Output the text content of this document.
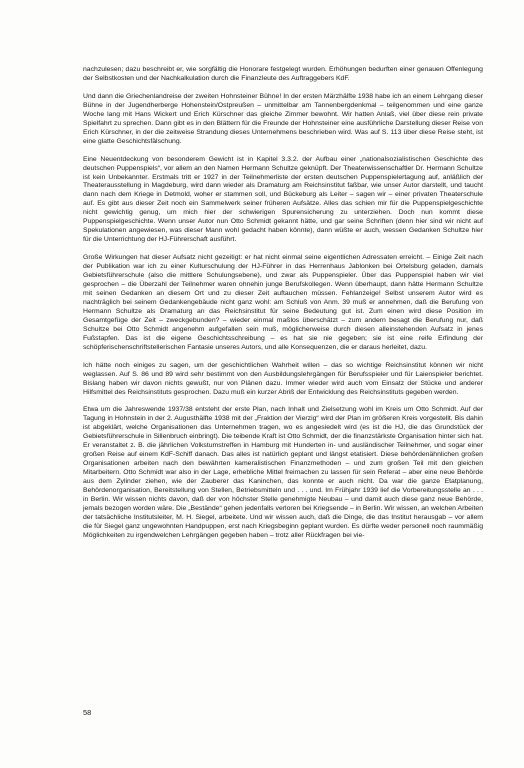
nachzulesen; dazu beschreibt er, wie sorgfältig die Honorare festgelegt wurden. Erhöhungen bedurften einer genauen Offenlegung der Selbstkosten und der Nachkalkulation durch die Finanzleute des Auftraggebers KdF.

Und dann die Griechenlandreise der zweiten Hohnsteiner Bühne! In der ersten Märzhälfte 1938 habe ich an einem Lehrgang dieser Bühne in der Jugendherberge Hohenstein/Ostpreußen – unmittelbar am Tannenbergdenkmal – teilgenommen und eine ganze Woche lang mit Hans Wickert und Erich Kürschner das gleiche Zimmer bewohnt. Wir hatten Anlaß, viel über diese rein private Spielfahrt zu sprechen. Dann gibt es in den Blättern für die Freunde der Hohnsteiner eine ausführliche Darstellung dieser Reise von Erich Kürschner, in der die zeitweise Strandung dieses Unternehmens beschrieben wird. Was auf S. 113 über diese Reise steht, ist eine glatte Geschichtsfälschung.

Eine Neuentdeckung von besonderem Gewicht ist in Kapitel 3.3.2. der Aufbau einer „nationalsozialistischen Geschichte des deutschen Puppenspiels“, vor allem an den Namen Hermann Schultze geknüpft. Der Theaterwissenschaftler Dr. Hermann Schultze ist kein Unbekannter. Erstmals tritt er 1927 in der Teilnehmerliste der ersten deutschen Puppenspielertagung auf, anläßlich der Theaterausstellung in Magdeburg, wird dann wieder als Dramaturg am Reichsinstitut faßbar, wie unser Autor darstellt, und taucht dann nach dem Kriege in Detmold, woher er stammen soll, und Bückeburg als Leiter – sagen wir – einer privaten Theaterschule auf. Es gibt aus dieser Zeit noch ein Sammelwerk seiner früheren Aufsätze. Alles das schien mir für die Puppenspielgeschichte nicht gewichtig genug, um mich hier der schwierigen Spurensicherung zu unterziehen. Doch nun kommt diese Puppenspielgeschichte. Wenn unser Autor nun Otto Schmidt gekannt hätte, und gar seine Schriften (denn hier sind wir nicht auf Spekulationen angewiesen, was dieser Mann wohl gedacht haben könnte), dann wüßte er auch, wessen Gedanken Schultze hier für die Unterrichtung der HJ-Führerschaft ausführt.

Große Wirkungen hat dieser Aufsatz nicht gezeitigt: er hat nicht einmal seine eigentlichen Adressaten erreicht. – Einige Zeit nach der Publikation war ich zu einer Kulturschulung der HJ-Führer in das Herrenhaus Jablonken bei Ortelsburg geladen, damals Gebietsführerschule (also die mittlere Schulungsebene), und zwar als Puppenspieler. Über das Puppenspiel haben wir viel gesprochen – die Überzahl der Teilnehmer waren ohnehin junge Berufskollegen. Wenn überhaupt, dann hätte Hermann Schultze mit seinen Gedanken an diesem Ort und zu dieser Zeit auftauchen müssen. Fehlanzeige! Selbst unserem Autor wird es nachträglich bei seinem Gedankengebäude nicht ganz wohl: am Schluß von Anm. 39 muß er annehmen, daß die Berufung von Hermann Schultze als Dramaturg an das Reichsinstitut für seine Bedeutung gut ist. Zum einen wird diese Position im Gesamtgefüge der Zeit – zweckgebunden? – wieder einmal maßlos überschätzt – zum andern besagt die Berufung nur, daß Schultze bei Otto Schmidt angenehm aufgefallen sein muß, möglicherweise durch diesen alleinstehenden Aufsatz in jenes Fußstapfen. Das ist die eigene Geschichtsschreibung – es hat sie nie gegeben; sie ist eine reife Erfindung der schöpferischenschriftstellerischen Fantasie unseres Autors, und alle Konsequenzen, die er daraus herleitet, dazu.

Ich hätte noch einiges zu sagen, um der geschichtlichen Wahrheit willen – das so wichtige Reichsinstitut können wir nicht weglassen. Auf S. 86 und 89 wird sehr bestimmt von den Ausbildungslehrgängen für Berufsspieler und für Laienspieler berichtet. Bislang haben wir davon nichts gewußt, nur von Plänen dazu. Immer wieder wird auch vom Einsatz der Stücke und anderer Hilfsmittel des Reichsinstituts gesprochen. Dazu muß ein kurzer Abriß der Entwicklung des Reichsinstituts gegeben werden.

Etwa um die Jahreswende 1937/38 entsteht der erste Plan, nach Inhalt und Zielsetzung wohl im Kreis um Otto Schmidt. Auf der Tagung in Hohnstein in der 2. Augusthälfte 1938 mit der „Fraktion der Vierzig“ wird der Plan im größeren Kreis vorgestellt. Bis dahin ist abgeklärt, welche Organisationen das Unternehmen tragen, wo es angesiedelt wird (es ist die HJ, die das Grundstück der Gebietsführerschule in Sillenbruch einbringt). Die teibende Kraft ist Otto Schmidt, der die finanzstärkste Organisation hinter sich hat. Er veranstaltet z. B. die jährlichen Volkstumstreffen in Hamburg mit Hunderten in- und ausländischer Teilnehmer, und sogar einer großen Reise auf einem KdF-Schiff danach. Das alles ist natürlich geplant und längst etatisiert. Diese behördenähnlichen großen Organisationen arbeiten nach den bewährten kameralistischen Finanzmethoden – und zum großen Teil mit den gleichen Mitarbeitern. Otto Schmidt war also in der Lage, erhebliche Mittel freimachen zu lassen für sein Referat – aber eine neue Behörde aus dem Zylinder ziehen, wie der Zauberer das Kaninchen, das konnte er auch nicht. Da war die ganze Etatplanung, Behördenorganisation, Bereitstellung von Stellen, Betriebsmitteln und . . . und. Im Frühjahr 1939 lief die Vorbereitungsstelle an . . . in Berlin. Wir wissen nichts davon, daß der von höchster Stelle genehmigte Neubau – und damit auch diese ganz neue Behörde, jemals bezogen worden wäre. Die „Bestände“ gehen jedenfalls verloren bei Kriegsende – in Berlin. Wir wissen, an welchen Arbeiten der tatsächliche Institutsleiter, M. H. Siegel, arbeitete. Und wir wissen auch, daß die Dinge, die das Institut herausgab – vor allem die für Siegel ganz ungewohnten Handpuppen, erst nach Kriegsbeginn geplant wurden. Es dürfte weder personell noch raummäßig Möglichkeiten zu irgendwelchen Lehrgängen gegeben haben – trotz aller Rückfragen bei vie-

58
